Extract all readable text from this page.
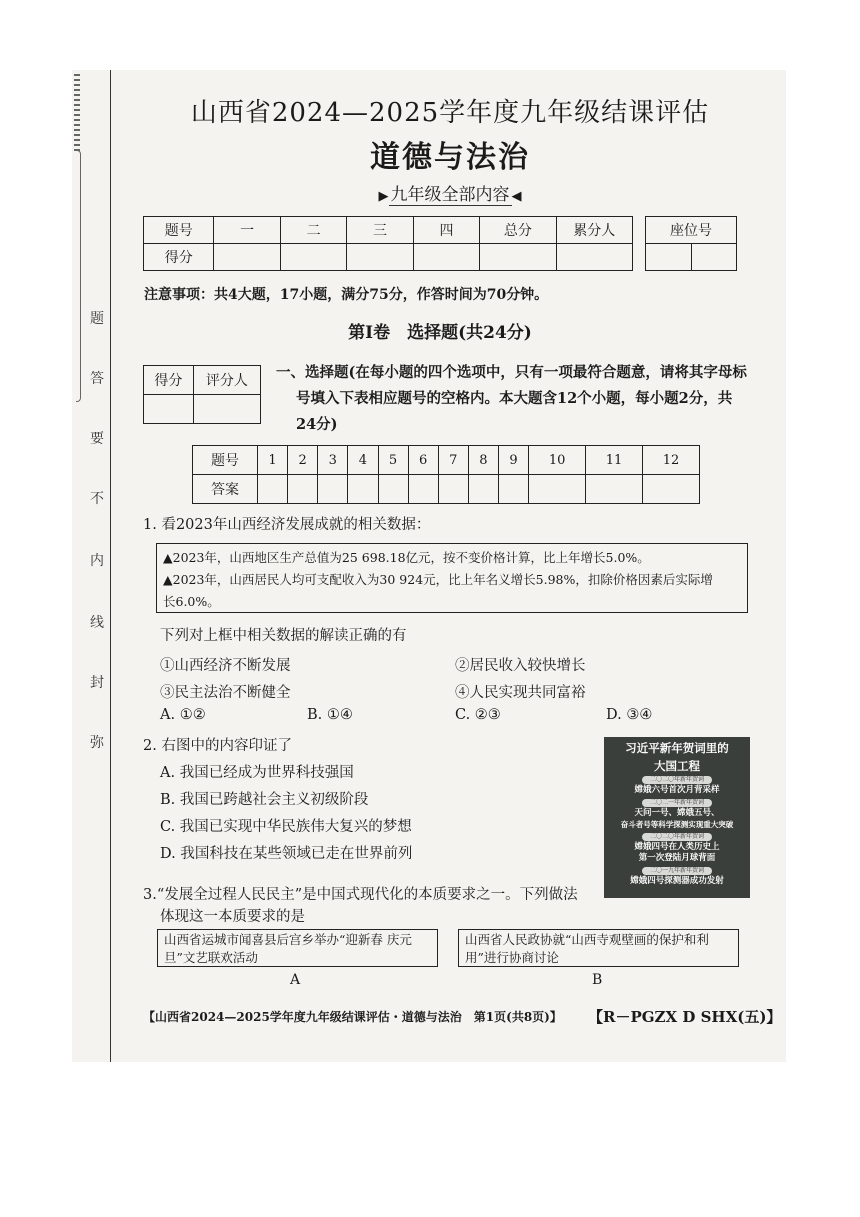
题
答
要
不
内
线
封
弥
山西省2024—2025学年度九年级结课评估
道德与法治
▶ 九年级全部内容 ◀
题号	一	二	三	四	总分	累分人
得分						
座位号

注意事项：共4大题，17小题，满分75分，作答时间为70分钟。
第Ⅰ卷　选择题(共24分)
得分	评分人
	一、选择题(在每小题的四个选项中，只有一项最符合题意，请将其字母标
号填入下表相应题号的空格内。本大题含12个小题，每小题2分，共
24分)
题号	1	2	3	4	5	6	7	8	9	10	11	12
答案												
1. 看2023年山西经济发展成就的相关数据：
▲2023年，山西地区生产总值为25 698.18亿元，按不变价格计算，比上年增长5.0%。
▲2023年，山西居民人均可支配收入为30 924元，比上年名义增长5.98%，扣除价格因素后实际增
长6.0%。
下列对上框中相关数据的解读正确的有
①山西经济不断发展	②居民收入较快增长
③民主法治不断健全	④人民实现共同富裕
A. ①②	B. ①④	C. ②③	D. ③④
2. 右图中的内容印证了
A. 我国已经成为世界科技强国
B. 我国已跨越社会主义初级阶段
C. 我国已实现中华民族伟大复兴的梦想
D. 我国科技在某些领域已走在世界前列
习近平新年贺词里的
大国工程
二〇二〇年新年贺词
嫦娥六号首次月背采样
二〇二一年新年贺词
天问一号、嫦娥五号、
奋斗者号等科学探测实现重大突破
二〇二〇年新年贺词
嫦娥四号在人类历史上
第一次登陆月球背面
二〇一九年新年贺词
嫦娥四号探测器成功发射
3.“发展全过程人民民主”是中国式现代化的本质要求之一。下列做法
体现这一本质要求的是
山西省运城市闻喜县后宫乡举办“迎新春 庆元
旦”文艺联欢活动
山西省人民政协就“山西寺观壁画的保护和利
用”进行协商讨论
A	B
【山西省2024—2025学年度九年级结课评估・道德与法治　第1页(共8页)】 【R－PGZX D SHX(五)】
